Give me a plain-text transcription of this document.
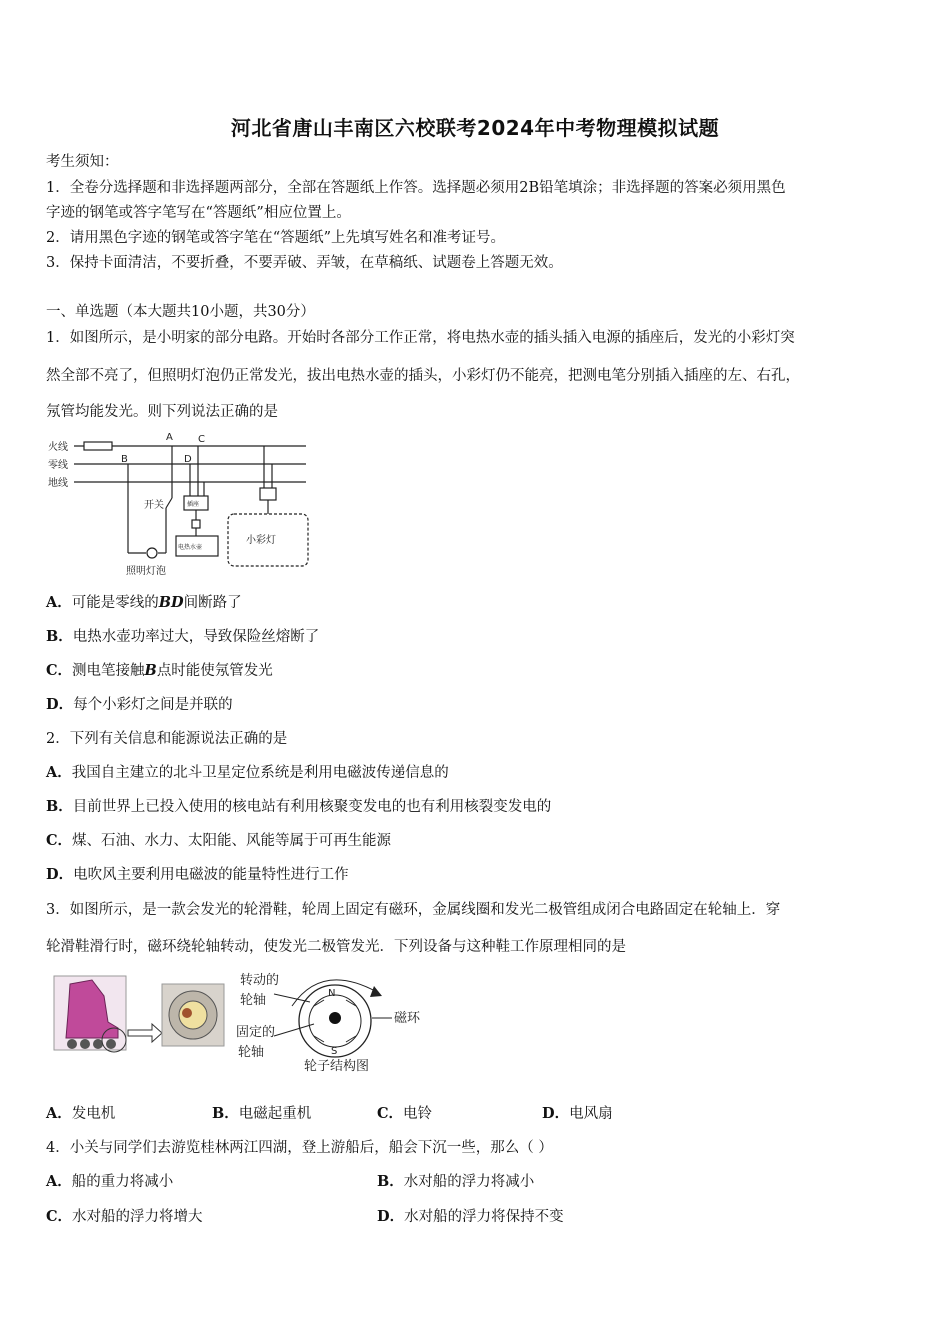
河北省唐山丰南区六校联考2024年中考物理模拟试题
考生须知：
1．全卷分选择题和非选择题两部分，全部在答题纸上作答。选择题必须用2B铅笔填涂；非选择题的答案必须用黑色
字迹的钢笔或答字笔写在“答题纸”相应位置上。
2．请用黑色字迹的钢笔或答字笔在“答题纸”上先填写姓名和准考证号。
3．保持卡面清洁，不要折叠，不要弄破、弄皱，在草稿纸、试题卷上答题无效。
一、单选题（本大题共10小题，共30分）
1．如图所示，是小明家的部分电路。开始时各部分工作正常，将电热水壶的插头插入电源的插座后，发光的小彩灯突
然全部不亮了，但照明灯泡仍正常发光，拔出电热水壶的插头，小彩灯仍不能亮，把测电笔分别插入插座的左、右孔，
氖管均能发光。则下列说法正确的是
火线
零线
地线
A	C
B	D
开关
照明灯泡
小彩灯
插座
电热水壶
A．可能是零线的BD间断路了
B．电热水壶功率过大，导致保险丝熔断了
C．测电笔接触B点时能使氖管发光
D．每个小彩灯之间是并联的
2．下列有关信息和能源说法正确的是
A．我国自主建立的北斗卫星定位系统是利用电磁波传递信息的
B．目前世界上已投入使用的核电站有利用核聚变发电的也有利用核裂变发电的
C．煤、石油、水力、太阳能、风能等属于可再生能源
D．电吹风主要利用电磁波的能量特性进行工作
3．如图所示，是一款会发光的轮滑鞋，轮周上固定有磁环，金属线圈和发光二极管组成闭合电路固定在轮轴上．穿
轮滑鞋滑行时，磁环绕轮轴转动，使发光二极管发光．下列设备与这种鞋工作原理相同的是
转动的
轮轴
固定的
轮轴
磁环
轮子结构图
N
S
A．发电机	B．电磁起重机	C．电铃	D．电风扇
4．小关与同学们去游览桂林两江四湖，登上游船后，船会下沉一些，那么（ ）
A．船的重力将减小	B．水对船的浮力将减小
C．水对船的浮力将增大	D．水对船的浮力将保持不变
